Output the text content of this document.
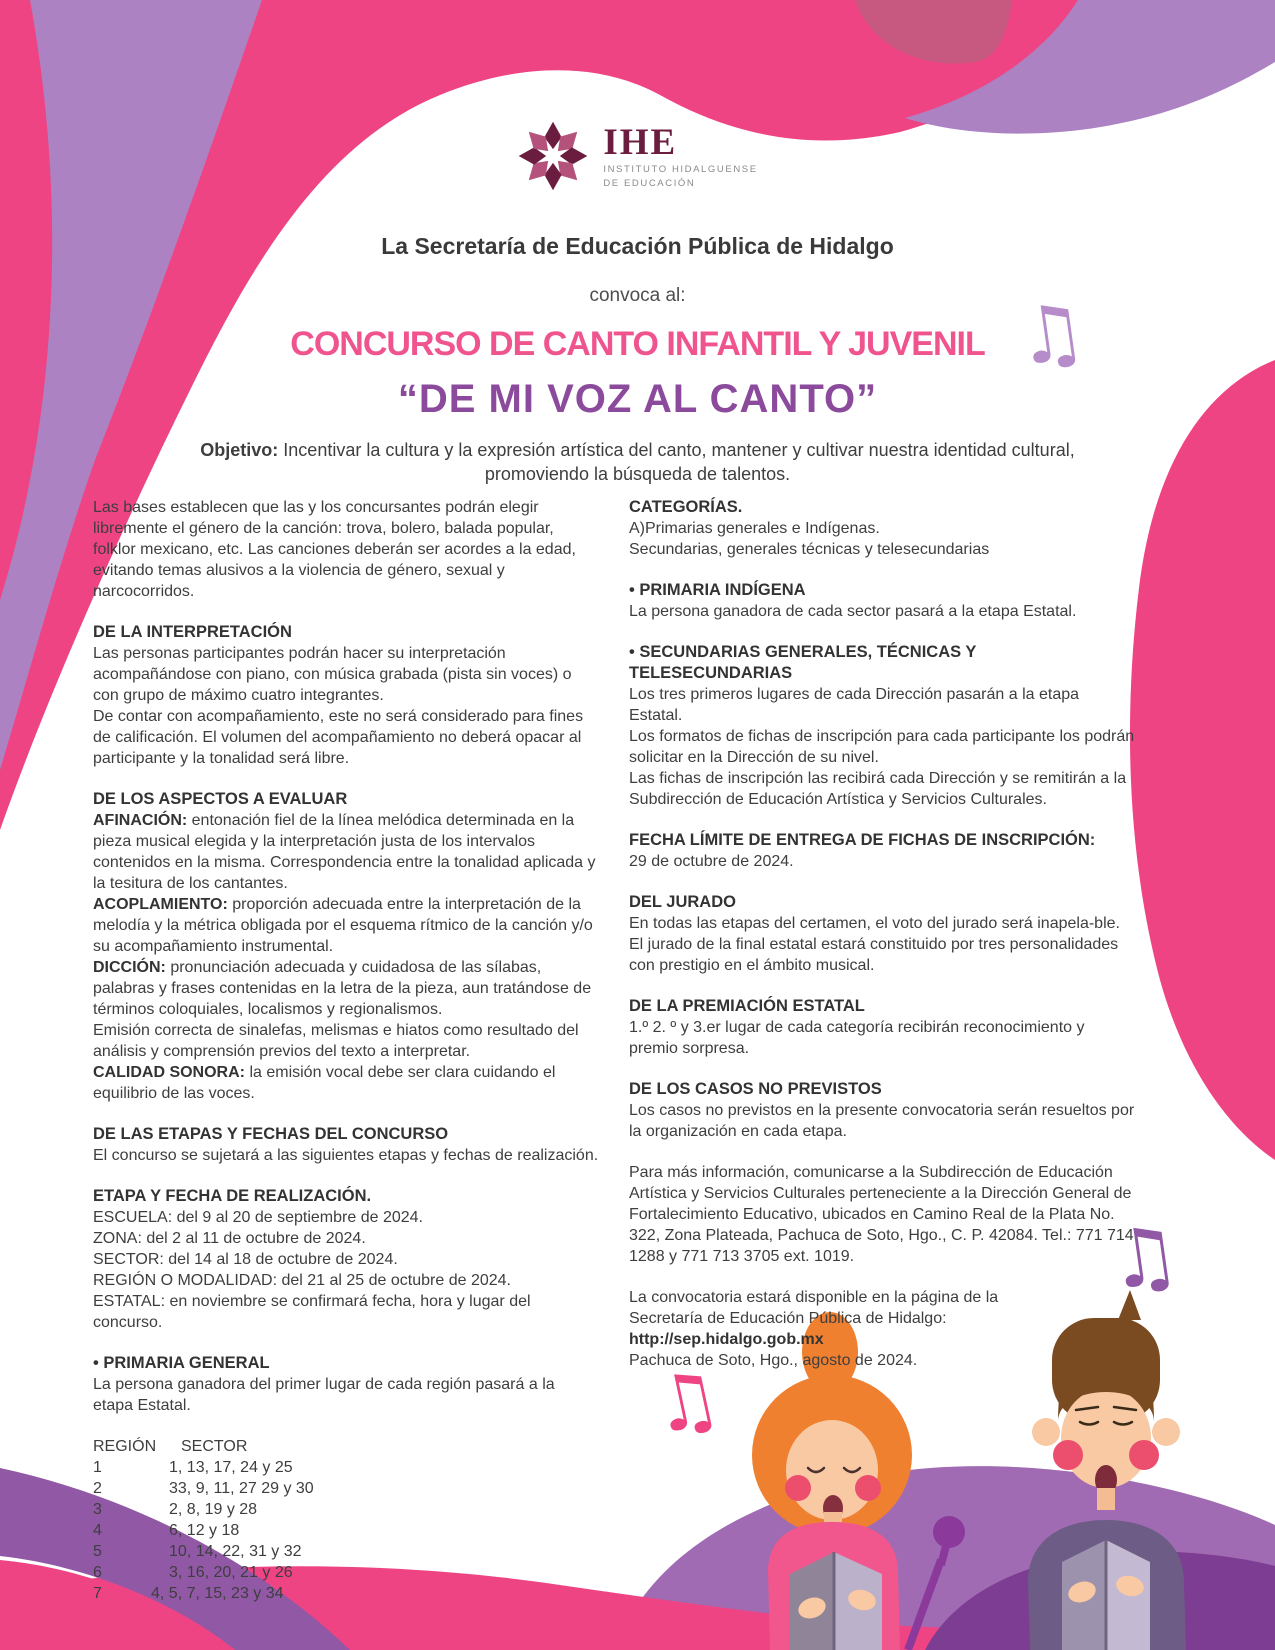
♫
♫
♫
IHE
INSTITUTO HIDALGUENSE
DE EDUCACIÓN
La Secretaría de Educación Pública de Hidalgo

convoca al:

CONCURSO DE CANTO INFANTIL Y JUVENIL
“DE MI VOZ AL CANTO”

Objetivo: Incentivar la cultura y la expresión artística del canto, mantener y cultivar nuestra identidad cultural, promoviendo la búsqueda de talentos.

Las bases establecen que las y los concursantes podrán elegir libremente el género de la canción: trova, bolero, balada popular, folklor mexicano, etc. Las canciones deberán ser acordes a la edad, evitando temas alusivos a la violencia de género, sexual y narcocorridos.

DE LA INTERPRETACIÓN

Las personas participantes podrán hacer su interpretación acompañándose con piano, con música grabada (pista sin voces) o con grupo de máximo cuatro integrantes.

De contar con acompañamiento, este no será considerado para fines de calificación. El volumen del acompañamiento no deberá opacar al participante y la tonalidad será libre.

DE LOS ASPECTOS A EVALUAR

AFINACIÓN: entonación fiel de la línea melódica determinada en la pieza musical elegida y la interpretación justa de los intervalos contenidos en la misma. Correspondencia entre la tonalidad aplicada y la tesitura de los cantantes.

ACOPLAMIENTO: proporción adecuada entre la interpretación de la melodía y la métrica obligada por el esquema rítmico de la canción y/o su acompañamiento instrumental.

DICCIÓN: pronunciación adecuada y cuidadosa de las sílabas, palabras y frases contenidas en la letra de la pieza, aun tratándose de términos coloquiales, localismos y regionalismos.

Emisión correcta de sinalefas, melismas e hiatos como resultado del análisis y comprensión previos del texto a interpretar.

CALIDAD SONORA: la emisión vocal debe ser clara cuidando el equilibrio de las voces.

DE LAS ETAPAS Y FECHAS DEL CONCURSO

El concurso se sujetará a las siguientes etapas y fechas de realización.

ETAPA Y FECHA DE REALIZACIÓN.

ESCUELA: del 9 al 20 de septiembre de 2024.

ZONA: del 2 al 11 de octubre de 2024.

SECTOR: del 14 al 18 de octubre de 2024.

REGIÓN O MODALIDAD: del 21 al 25 de octubre de 2024.

ESTATAL: en noviembre se confirmará fecha, hora y lugar del concurso.

• PRIMARIA GENERAL

La persona ganadora del primer lugar de cada región pasará a la etapa Estatal.

REGIÓN	SECTOR
1	1, 13, 17, 24 y 25
2	33, 9, 11, 27 29 y 30
3	2, 8, 19 y 28
4	6, 12 y 18
5	10, 14, 22, 31 y 32
6	3, 16, 20, 21 y 26
7	4, 5, 7, 15, 23 y 34
CATEGORÍAS.

A)Primarias generales e Indígenas.

Secundarias, generales técnicas y telesecundarias

• PRIMARIA INDÍGENA

La persona ganadora de cada sector pasará a la etapa Estatal.

• SECUNDARIAS GENERALES, TÉCNICAS Y TELESECUNDARIAS

Los tres primeros lugares de cada Dirección pasarán a la etapa Estatal.

Los formatos de fichas de inscripción para cada participante los podrán solicitar en la Dirección de su nivel.

Las fichas de inscripción las recibirá cada Dirección y se remitirán a la Subdirección de Educación Artística y Servicios Culturales.

FECHA LÍMITE DE ENTREGA DE FICHAS DE INSCRIPCIÓN:

29 de octubre de 2024.

DEL JURADO

En todas las etapas del certamen, el voto del jurado será inapela-ble. El jurado de la final estatal estará constituido por tres personalidades con prestigio en el ámbito musical.

DE LA PREMIACIÓN ESTATAL

1.º 2. º y 3.er lugar de cada categoría recibirán reconocimiento y premio sorpresa.

DE LOS CASOS NO PREVISTOS

Los casos no previstos en la presente convocatoria serán resueltos por la organización en cada etapa.

Para más información, comunicarse a la Subdirección de Educación Artística y Servicios Culturales perteneciente a la Dirección General de Fortalecimiento Educativo, ubicados en Camino Real de la Plata No. 322, Zona Plateada, Pachuca de Soto, Hgo., C. P. 42084. Tel.: 771 714 1288 y 771 713 3705 ext. 1019.

La convocatoria estará disponible en la página de la
Secretaría de Educación Pública de Hidalgo:
http://sep.hidalgo.gob.mx

Pachuca de Soto, Hgo., agosto de 2024.
